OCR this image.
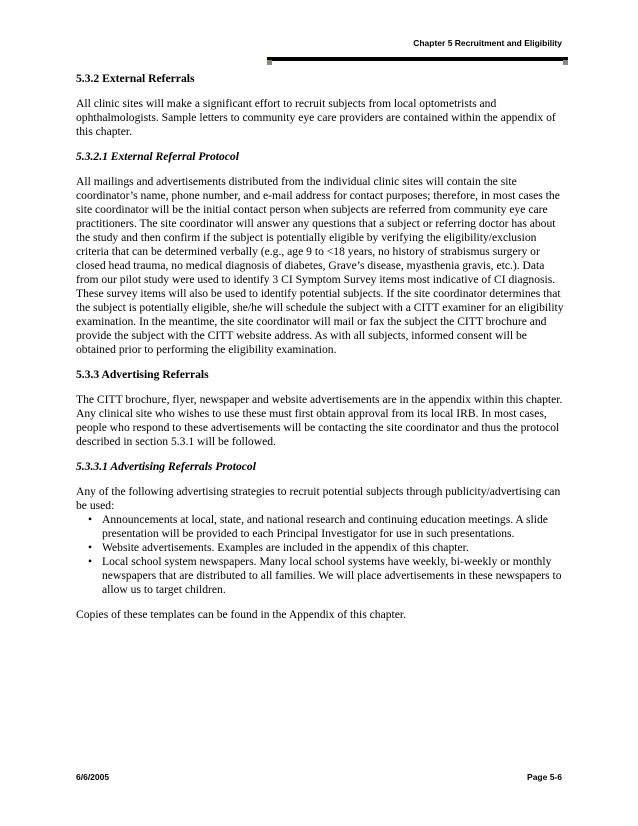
Chapter 5 Recruitment and Eligibility
5.3.2 External Referrals

All clinic sites will make a significant effort to recruit subjects from local optometrists and ophthalmologists. Sample letters to community eye care providers are contained within the appendix of this chapter.

5.3.2.1 External Referral Protocol

All mailings and advertisements distributed from the individual clinic sites will contain the site coordinator’s name, phone number, and e-mail address for contact purposes; therefore, in most cases the site coordinator will be the initial contact person when subjects are referred from community eye care practitioners. The site coordinator will answer any questions that a subject or referring doctor has about the study and then confirm if the subject is potentially eligible by verifying the eligibility/exclusion criteria that can be determined verbally (e.g., age 9 to <18 years, no history of strabismus surgery or closed head trauma, no medical diagnosis of diabetes, Grave’s disease, myasthenia gravis, etc.). Data from our pilot study were used to identify 3 CI Symptom Survey items most indicative of CI diagnosis. These survey items will also be used to identify potential subjects. If the site coordinator determines that the subject is potentially eligible, she/he will schedule the subject with a CITT examiner for an eligibility examination. In the meantime, the site coordinator will mail or fax the subject the CITT brochure and provide the subject with the CITT website address. As with all subjects, informed consent will be obtained prior to performing the eligibility examination.

5.3.3 Advertising Referrals

The CITT brochure, flyer, newspaper and website advertisements are in the appendix within this chapter. Any clinical site who wishes to use these must first obtain approval from its local IRB. In most cases, people who respond to these advertisements will be contacting the site coordinator and thus the protocol described in section 5.3.1 will be followed.

5.3.3.1 Advertising Referrals Protocol

Any of the following advertising strategies to recruit potential subjects through publicity/advertising can be used:

• Announcements at local, state, and national research and continuing education meetings. A slide presentation will be provided to each Principal Investigator for use in such presentations.
• Website advertisements. Examples are included in the appendix of this chapter.
• Local school system newspapers. Many local school systems have weekly, bi-weekly or monthly newspapers that are distributed to all families. We will place advertisements in these newspapers to allow us to target children.

Copies of these templates can be found in the Appendix of this chapter.

6/6/2005	Page 5-6
